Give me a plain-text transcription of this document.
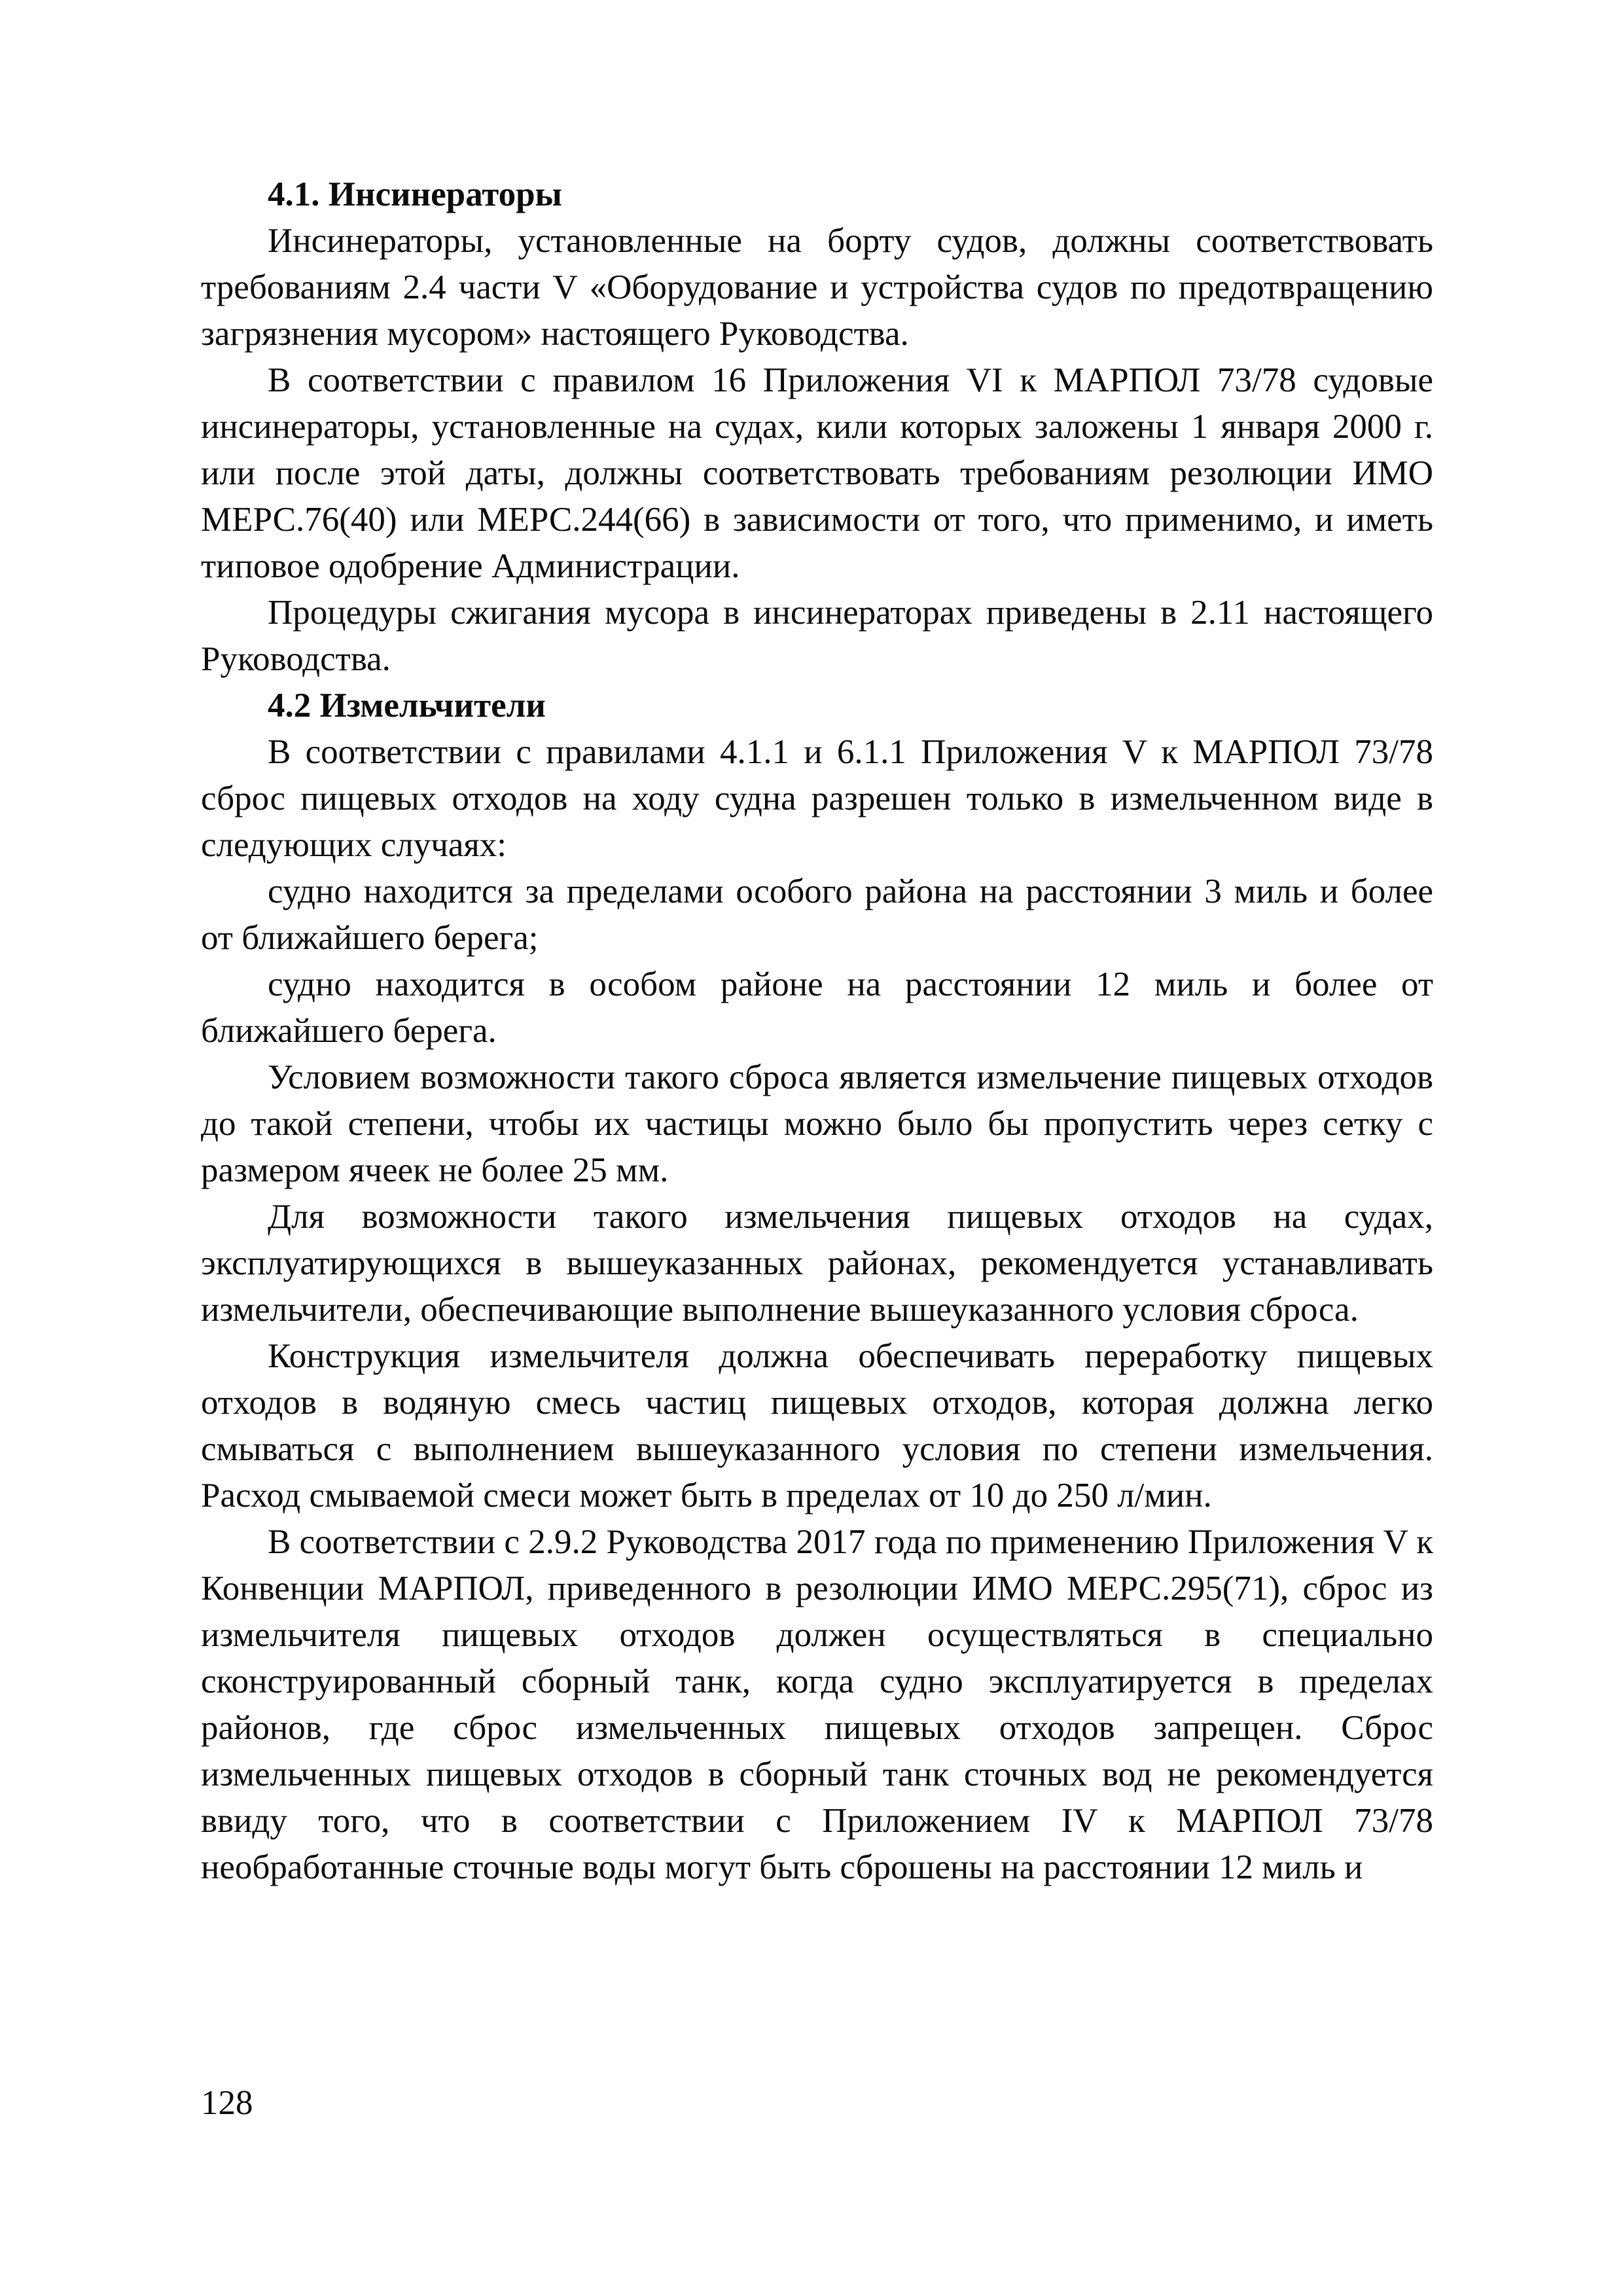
4.1. Инсинераторы

Инсинераторы, установленные на борту судов, должны соответствовать требованиям 2.4 части V «Оборудование и устройства судов по предотвращению загрязнения мусором» настоящего Руководства.

В соответствии с правилом 16 Приложения VI к МАРПОЛ 73/78 судовые инсинераторы, установленные на судах, кили которых заложены 1 января 2000 г. или после этой даты, должны соответствовать требованиям резолюции ИМО МЕРС.76(40) или МЕРС.244(66) в зависимости от того, что применимо, и иметь типовое одобрение Администрации.

Процедуры сжигания мусора в инсинераторах приведены в 2.11 настоящего Руководства.

4.2 Измельчители

В соответствии с правилами 4.1.1 и 6.1.1 Приложения V к МАРПОЛ 73/78 сброс пищевых отходов на ходу судна разрешен только в измельченном виде в следующих случаях:

судно находится за пределами особого района на расстоянии 3 миль и более от ближайшего берега;

судно находится в особом районе на расстоянии 12 миль и более от ближайшего берега.

Условием возможности такого сброса является измельчение пищевых отходов до такой степени, чтобы их частицы можно было бы пропустить через сетку с размером ячеек не более 25 мм.

Для возможности такого измельчения пищевых отходов на судах, эксплуатирующихся в вышеуказанных районах, рекомендуется устанавливать измельчители, обеспечивающие выполнение вышеуказанного условия сброса.

Конструкция измельчителя должна обеспечивать переработку пищевых отходов в водяную смесь частиц пищевых отходов, которая должна легко смываться с выполнением вышеуказанного условия по степени измельчения. Расход смываемой смеси может быть в пределах от 10 до 250 л/мин.

В соответствии с 2.9.2 Руководства 2017 года по применению Приложения V к Конвенции МАРПОЛ, приведенного в резолюции ИМО МЕРС.295(71), сброс из измельчителя пищевых отходов должен осуществляться в специально сконструированный сборный танк, когда судно эксплуатируется в пределах районов, где сброс измельченных пищевых отходов запрещен. Сброс измельченных пищевых отходов в сборный танк сточных вод не рекомендуется ввиду того, что в соответствии с Приложением IV к МАРПОЛ 73/78 необработанные сточные воды могут быть сброшены на расстоянии 12 миль и

128
